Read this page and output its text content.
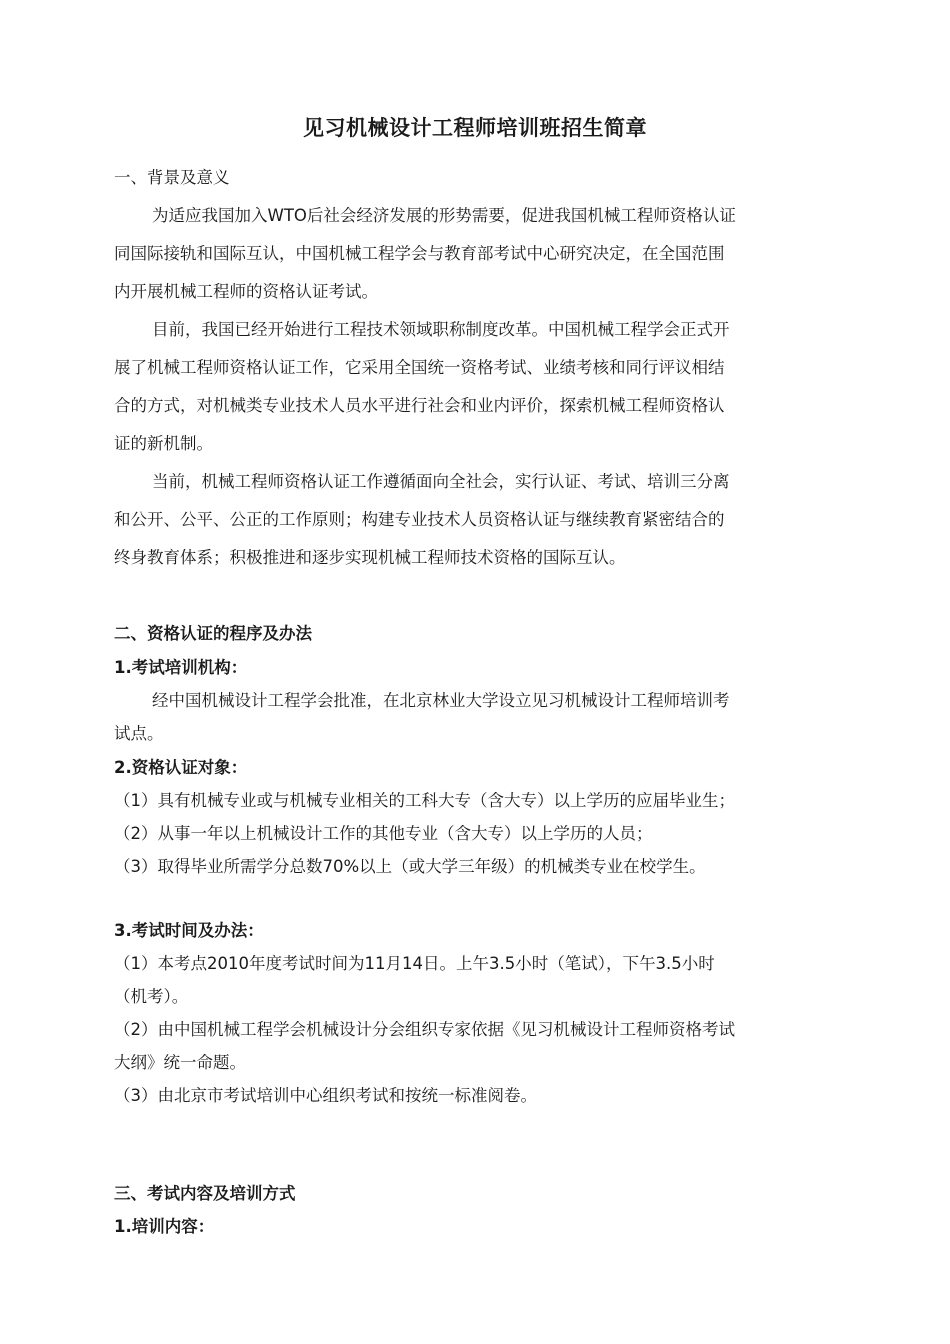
见习机械设计工程师培训班招生简章
一、背景及意义
为适应我国加入WTO后社会经济发展的形势需要，促进我国机械工程师资格认证
同国际接轨和国际互认，中国机械工程学会与教育部考试中心研究决定，在全国范围
内开展机械工程师的资格认证考试。
目前，我国已经开始进行工程技术领域职称制度改革。中国机械工程学会正式开
展了机械工程师资格认证工作，它采用全国统一资格考试、业绩考核和同行评议相结
合的方式，对机械类专业技术人员水平进行社会和业内评价，探索机械工程师资格认
证的新机制。
当前，机械工程师资格认证工作遵循面向全社会，实行认证、考试、培训三分离
和公开、公平、公正的工作原则；构建专业技术人员资格认证与继续教育紧密结合的
终身教育体系；积极推进和逐步实现机械工程师技术资格的国际互认。
二、资格认证的程序及办法
1.考试培训机构：
经中国机械设计工程学会批准，在北京林业大学设立见习机械设计工程师培训考
试点。
2.资格认证对象：
（1）具有机械专业或与机械专业相关的工科大专（含大专）以上学历的应届毕业生；
（2）从事一年以上机械设计工作的其他专业（含大专）以上学历的人员；
（3）取得毕业所需学分总数70%以上（或大学三年级）的机械类专业在校学生。
3.考试时间及办法：
（1）本考点2010年度考试时间为11月14日。上午3.5小时（笔试），下午3.5小时
（机考）。
（2）由中国机械工程学会机械设计分会组织专家依据《见习机械设计工程师资格考试
大纲》统一命题。
（3）由北京市考试培训中心组织考试和按统一标准阅卷。
三、考试内容及培训方式
1.培训内容：
